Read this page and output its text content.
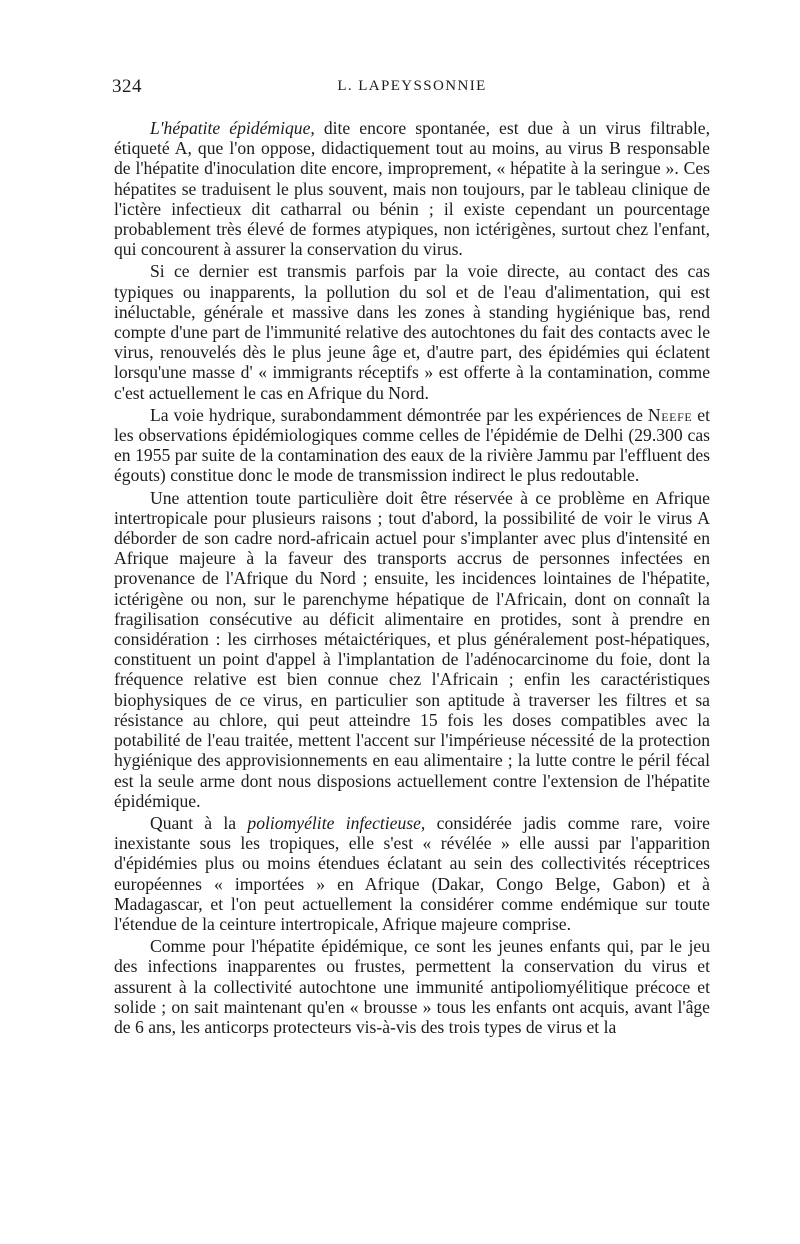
324	L. LAPEYSSONNIE

L'hépatite épidémique, dite encore spontanée, est due à un virus filtrable, étiqueté A, que l'on oppose, didactiquement tout au moins, au virus B responsable de l'hépatite d'inoculation dite encore, improprement, « hépatite à la seringue ». Ces hépatites se traduisent le plus souvent, mais non toujours, par le tableau clinique de l'ictère infectieux dit catharral ou bénin ; il existe cependant un pourcentage probablement très élevé de formes atypiques, non ictérigènes, surtout chez l'enfant, qui concourent à assurer la conservation du virus.

Si ce dernier est transmis parfois par la voie directe, au contact des cas typiques ou inapparents, la pollution du sol et de l'eau d'alimentation, qui est inéluctable, générale et massive dans les zones à standing hygiénique bas, rend compte d'une part de l'immunité relative des autochtones du fait des contacts avec le virus, renouvelés dès le plus jeune âge et, d'autre part, des épidémies qui éclatent lorsqu'une masse d' « immigrants réceptifs » est offerte à la contamination, comme c'est actuellement le cas en Afrique du Nord.

La voie hydrique, surabondamment démontrée par les expériences de Neefe et les observations épidémiologiques comme celles de l'épidémie de Delhi (29.300 cas en 1955 par suite de la contamination des eaux de la rivière Jammu par l'effluent des égouts) constitue donc le mode de transmission indirect le plus redoutable.

Une attention toute particulière doit être réservée à ce problème en Afrique intertropicale pour plusieurs raisons ; tout d'abord, la possibilité de voir le virus A déborder de son cadre nord-africain actuel pour s'implanter avec plus d'intensité en Afrique majeure à la faveur des transports accrus de personnes infectées en provenance de l'Afrique du Nord ; ensuite, les incidences lointaines de l'hépatite, ictérigène ou non, sur le parenchyme hépatique de l'Africain, dont on connaît la fragilisation consécutive au déficit alimentaire en protides, sont à prendre en considération : les cirrhoses métaictériques, et plus généralement post-hépatiques, constituent un point d'appel à l'implantation de l'adénocarcinome du foie, dont la fréquence relative est bien connue chez l'Africain ; enfin les caractéristiques biophysiques de ce virus, en particulier son aptitude à traverser les filtres et sa résistance au chlore, qui peut atteindre 15 fois les doses compatibles avec la potabilité de l'eau traitée, mettent l'accent sur l'impérieuse nécessité de la protection hygiénique des approvisionnements en eau alimentaire ; la lutte contre le péril fécal est la seule arme dont nous disposions actuellement contre l'extension de l'hépatite épidémique.

Quant à la poliomyélite infectieuse, considérée jadis comme rare, voire inexistante sous les tropiques, elle s'est « révélée » elle aussi par l'apparition d'épidémies plus ou moins étendues éclatant au sein des collectivités réceptrices européennes « importées » en Afrique (Dakar, Congo Belge, Gabon) et à Madagascar, et l'on peut actuellement la considérer comme endémique sur toute l'étendue de la ceinture intertropicale, Afrique majeure comprise.

Comme pour l'hépatite épidémique, ce sont les jeunes enfants qui, par le jeu des infections inapparentes ou frustes, permettent la conservation du virus et assurent à la collectivité autochtone une immunité antipoliomyélitique précoce et solide ; on sait maintenant qu'en « brousse » tous les enfants ont acquis, avant l'âge de 6 ans, les anticorps protecteurs vis-à-vis des trois types de virus et la
